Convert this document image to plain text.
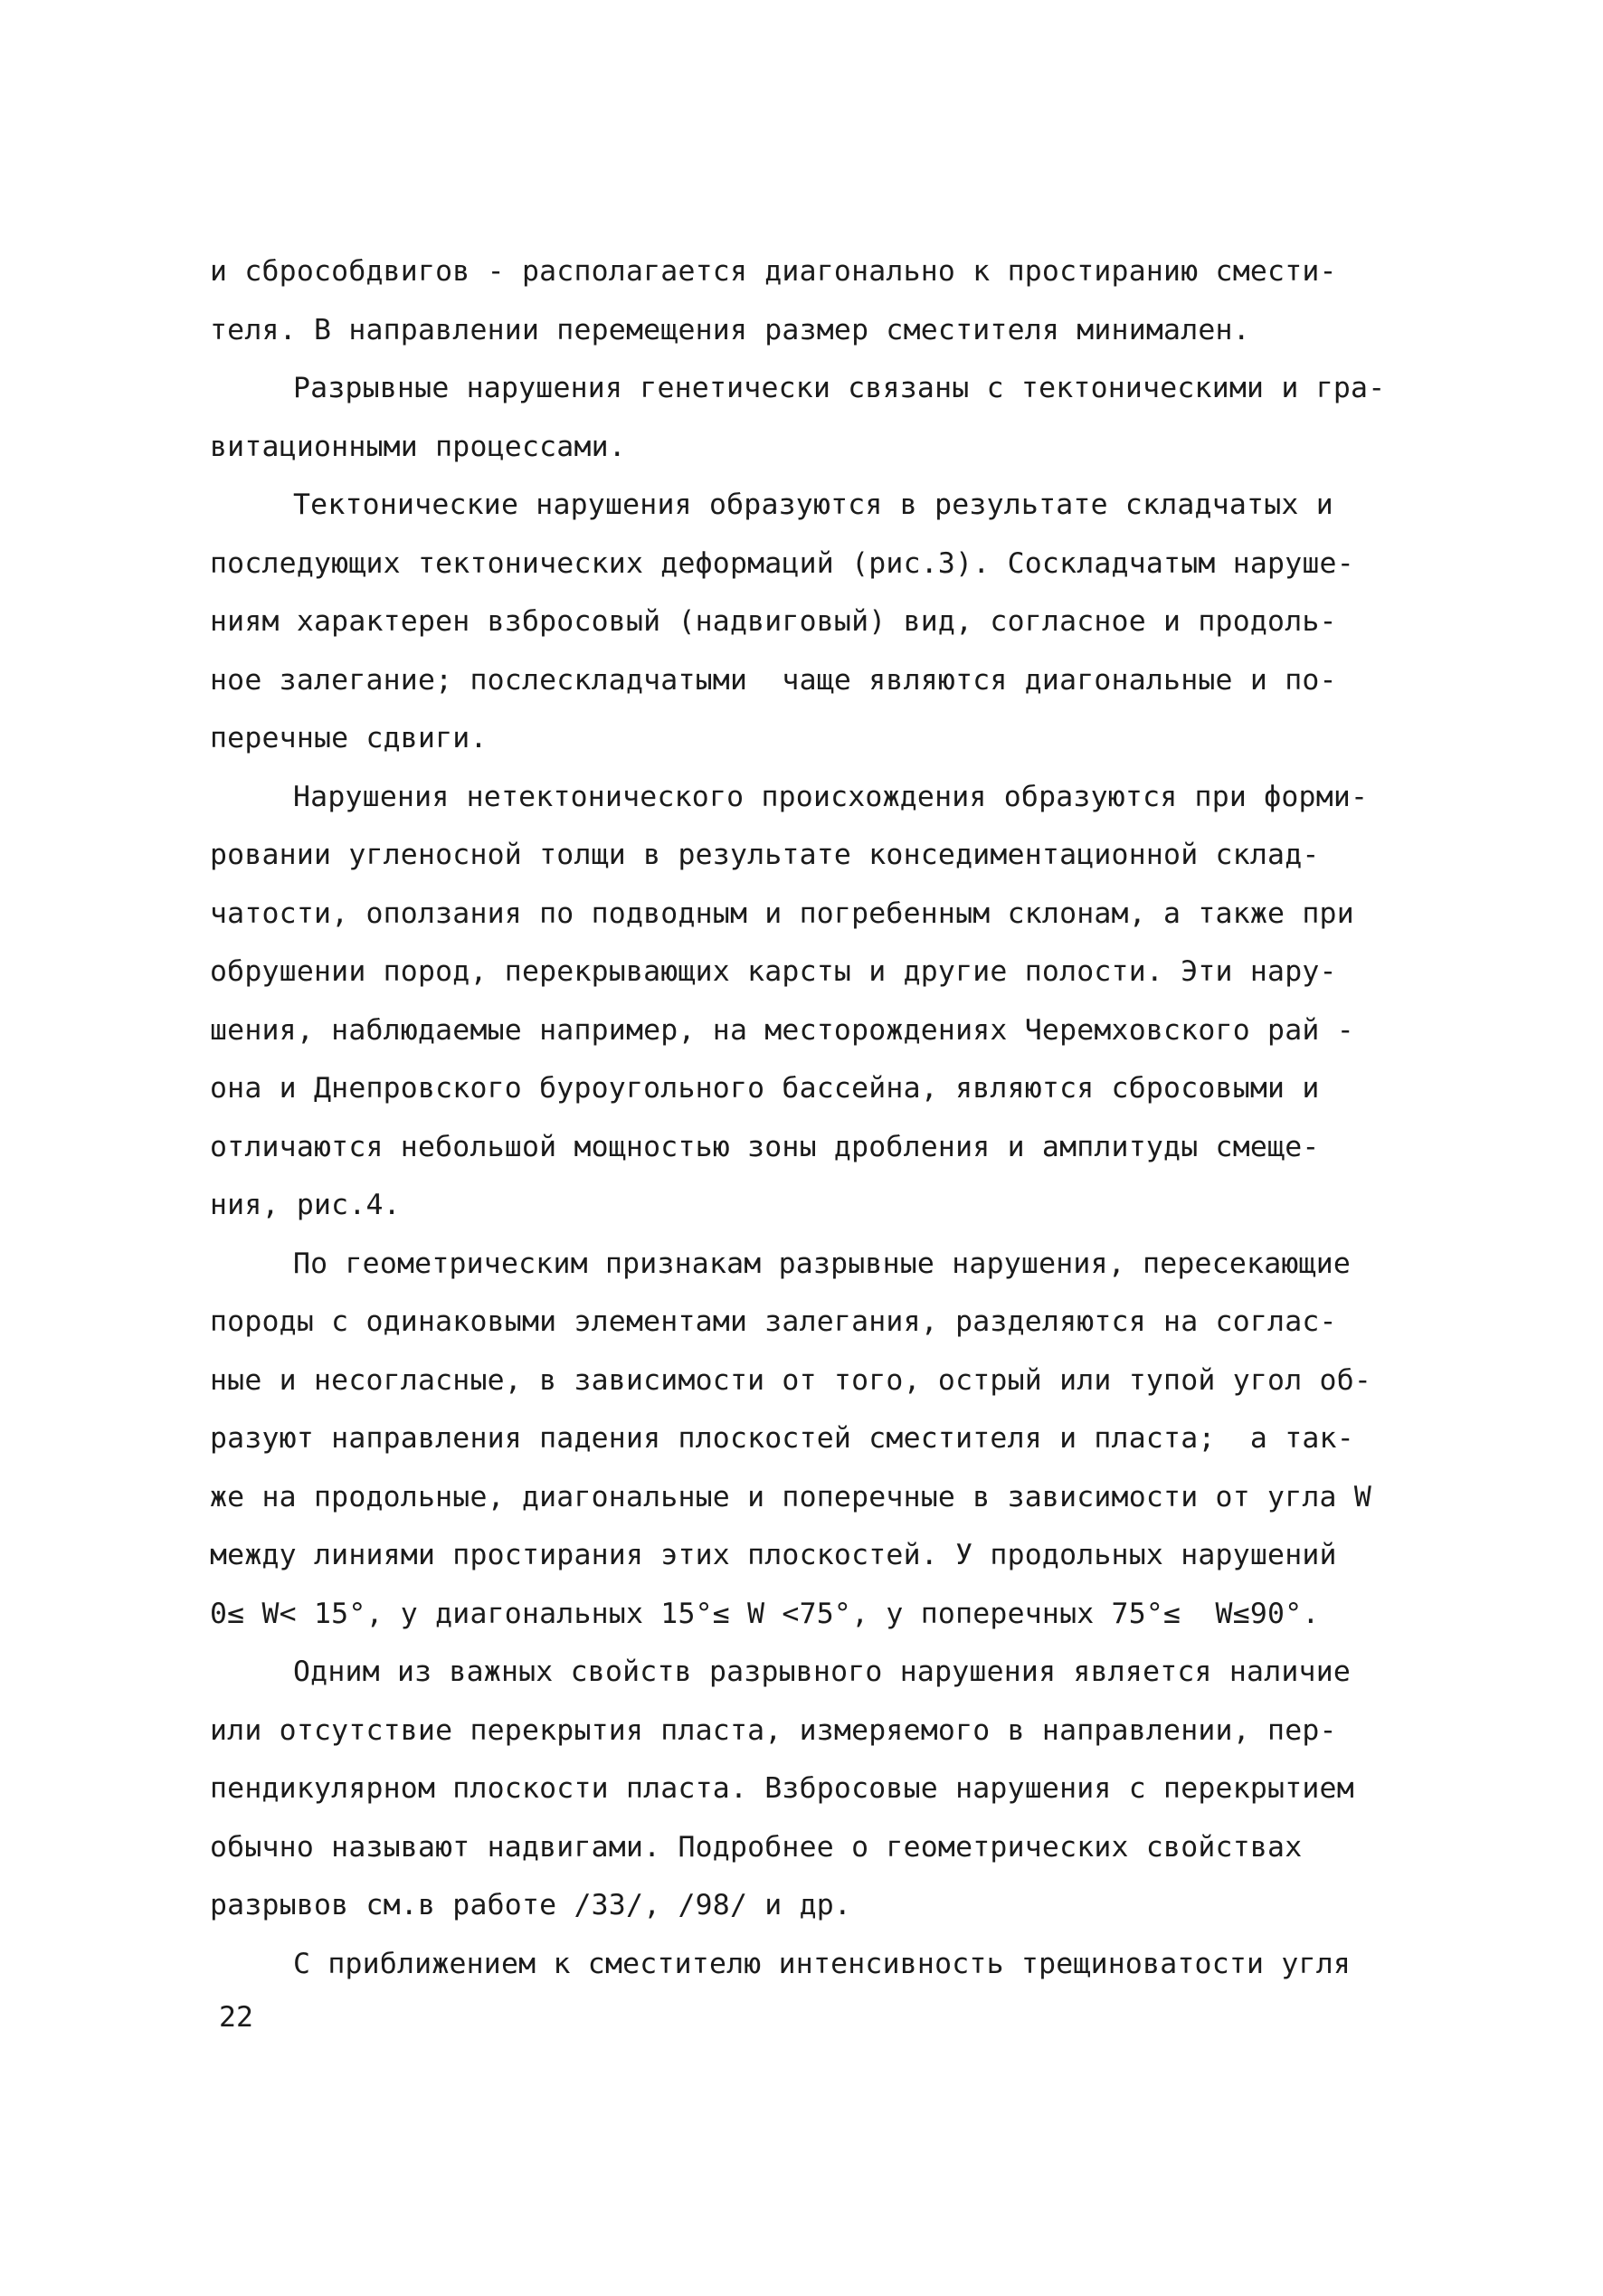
и сбрособдвигов - располагается диагонально к простиранию смести-
теля. В направлении перемещения размер сместителя минимален.
Разрывные нарушения генетически связаны с тектоническими и гра-
витационными процессами.
Тектонические нарушения образуются в результате складчатых и
последующих тектонических деформаций (рис.3). Соскладчатым наруше-
ниям характерен взбросовый (надвиговый) вид, согласное и продоль-
ное залегание; послескладчатыми  чаще являются диагональные и по-
перечные сдвиги.
Нарушения нетектонического происхождения образуются при форми-
ровании угленосной толщи в результате конседиментационной склад-
чатости, оползания по подводным и погребенным склонам, а также при
обрушении пород, перекрывающих карсты и другие полости. Эти нару-
шения, наблюдаемые например, на месторождениях Черемховского рай -
она и Днепровского буроугольного бассейна, являются сбросовыми и
отличаются небольшой мощностью зоны дробления и амплитуды смеще-
ния, рис.4.
По геометрическим признакам разрывные нарушения, пересекающие
породы с одинаковыми элементами залегания, разделяются на соглас-
ные и несогласные, в зависимости от того, острый или тупой угол об-
разуют направления падения плоскостей сместителя и пласта;  а так-
же на продольные, диагональные и поперечные в зависимости от угла W
между линиями простирания этих плоскостей. У продольных нарушений
0≤ W< 15°, у диагональных 15°≤ W <75°, у поперечных 75°≤  W≤90°.
Одним из важных свойств разрывного нарушения является наличие
или отсутствие перекрытия пласта, измеряемого в направлении, пер-
пендикулярном плоскости пласта. Взбросовые нарушения с перекрытием
обычно называют надвигами. Подробнее о геометрических свойствах
разрывов см.в работе /33/, /98/ и др.
С приближением к сместителю интенсивность трещиноватости угля
22
